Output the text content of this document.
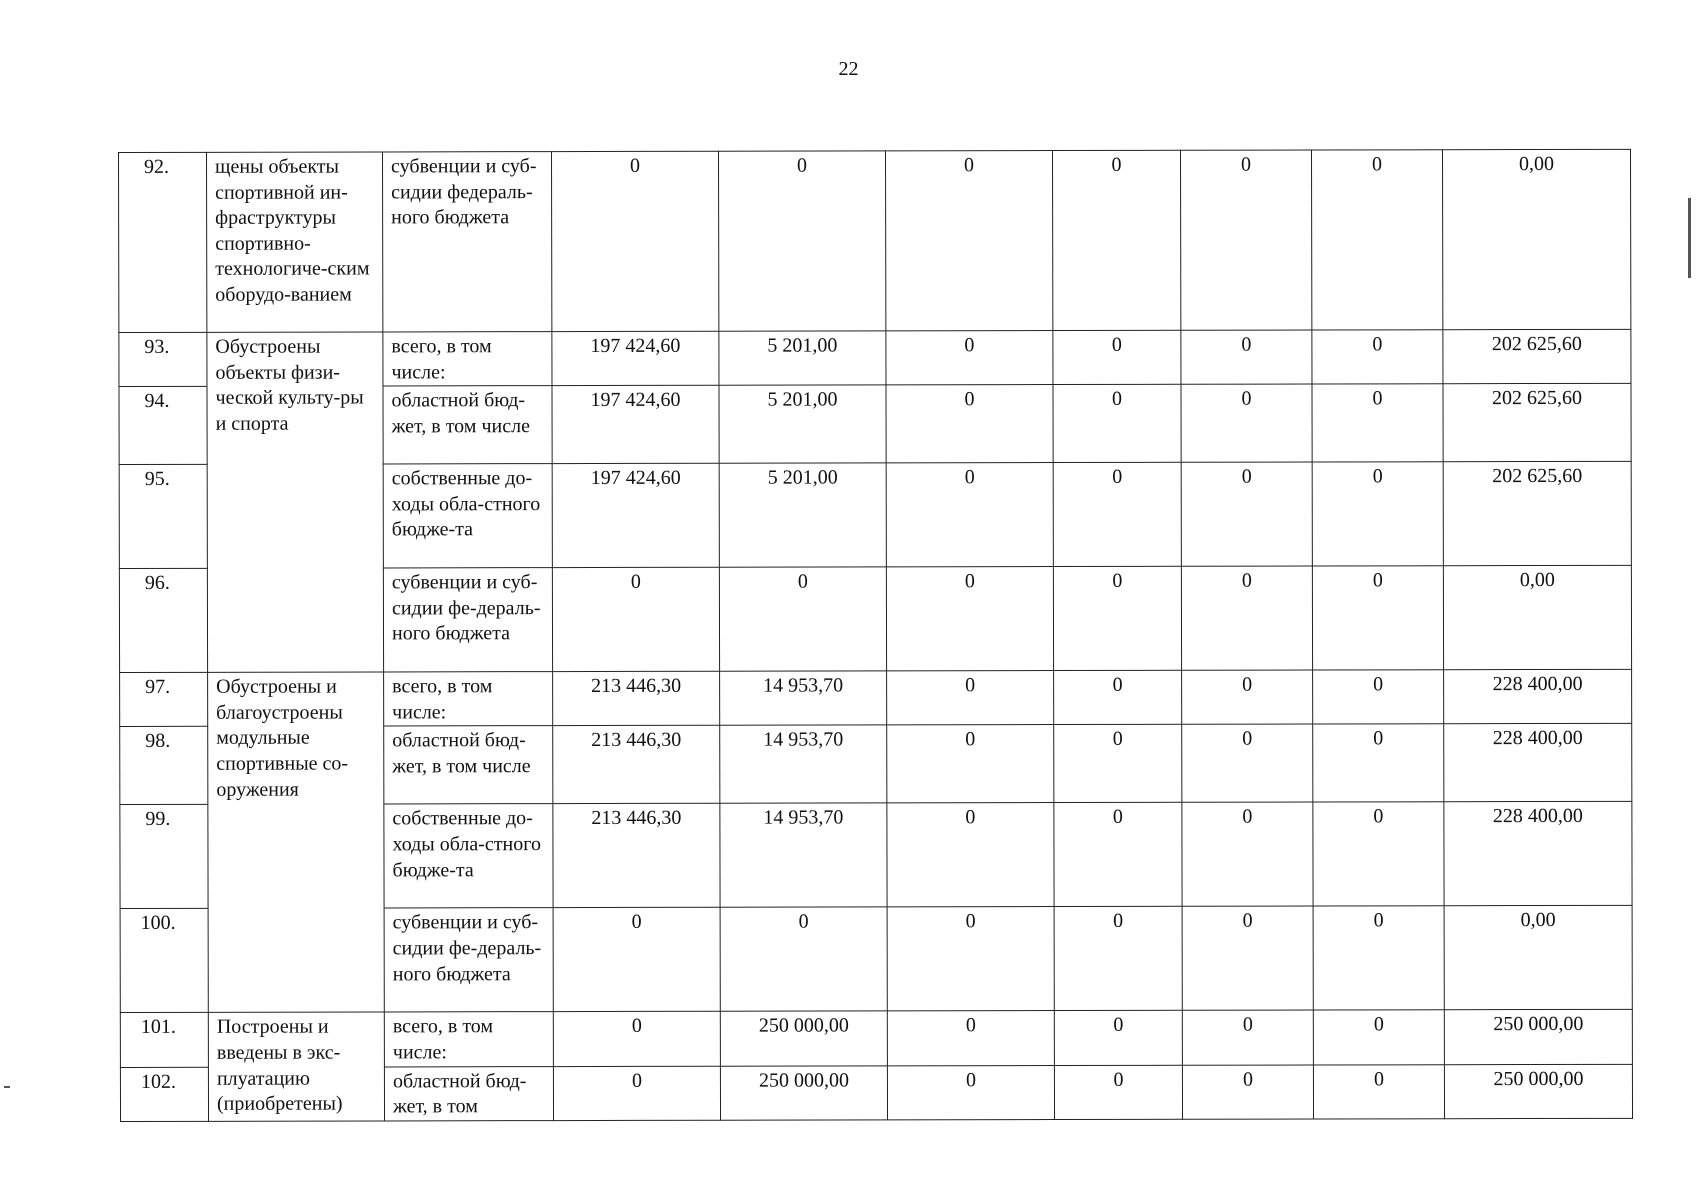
22
92.	щены объекты спортивной ин-фраструктуры спортивно-технологиче-ским оборудо-ванием	субвенции и субсидии федерального бюджета	0	0	0	0	0	0	0,00
93.	Обустроены объекты физи-ческой культу-ры и спорта	всего, в том числе:	197 424,60	5 201,00	0	0	0	0	202 625,60
94.		областной бюджет, в том числе	197 424,60	5 201,00	0	0	0	0	202 625,60
95.		собственные доходы обла-стного бюдже-та	197 424,60	5 201,00	0	0	0	0	202 625,60
96.		субвенции и субсидии фе-дерального бюджета	0	0	0	0	0	0	0,00
97.	Обустроены и благоустроены модульные спортивные со-оружения	всего, в том числе:	213 446,30	14 953,70	0	0	0	0	228 400,00
98.		областной бюджет, в том числе	213 446,30	14 953,70	0	0	0	0	228 400,00
99.		собственные доходы обла-стного бюдже-та	213 446,30	14 953,70	0	0	0	0	228 400,00
100.		субвенции и субсидии фе-дерального бюджета	0	0	0	0	0	0	0,00
101.	Построены и введены в экс-плуатацию (приобретены)	всего, в том числе:	0	250 000,00	0	0	0	0	250 000,00
102.		областной бюджет, в том	0	250 000,00	0	0	0	0	250 000,00
